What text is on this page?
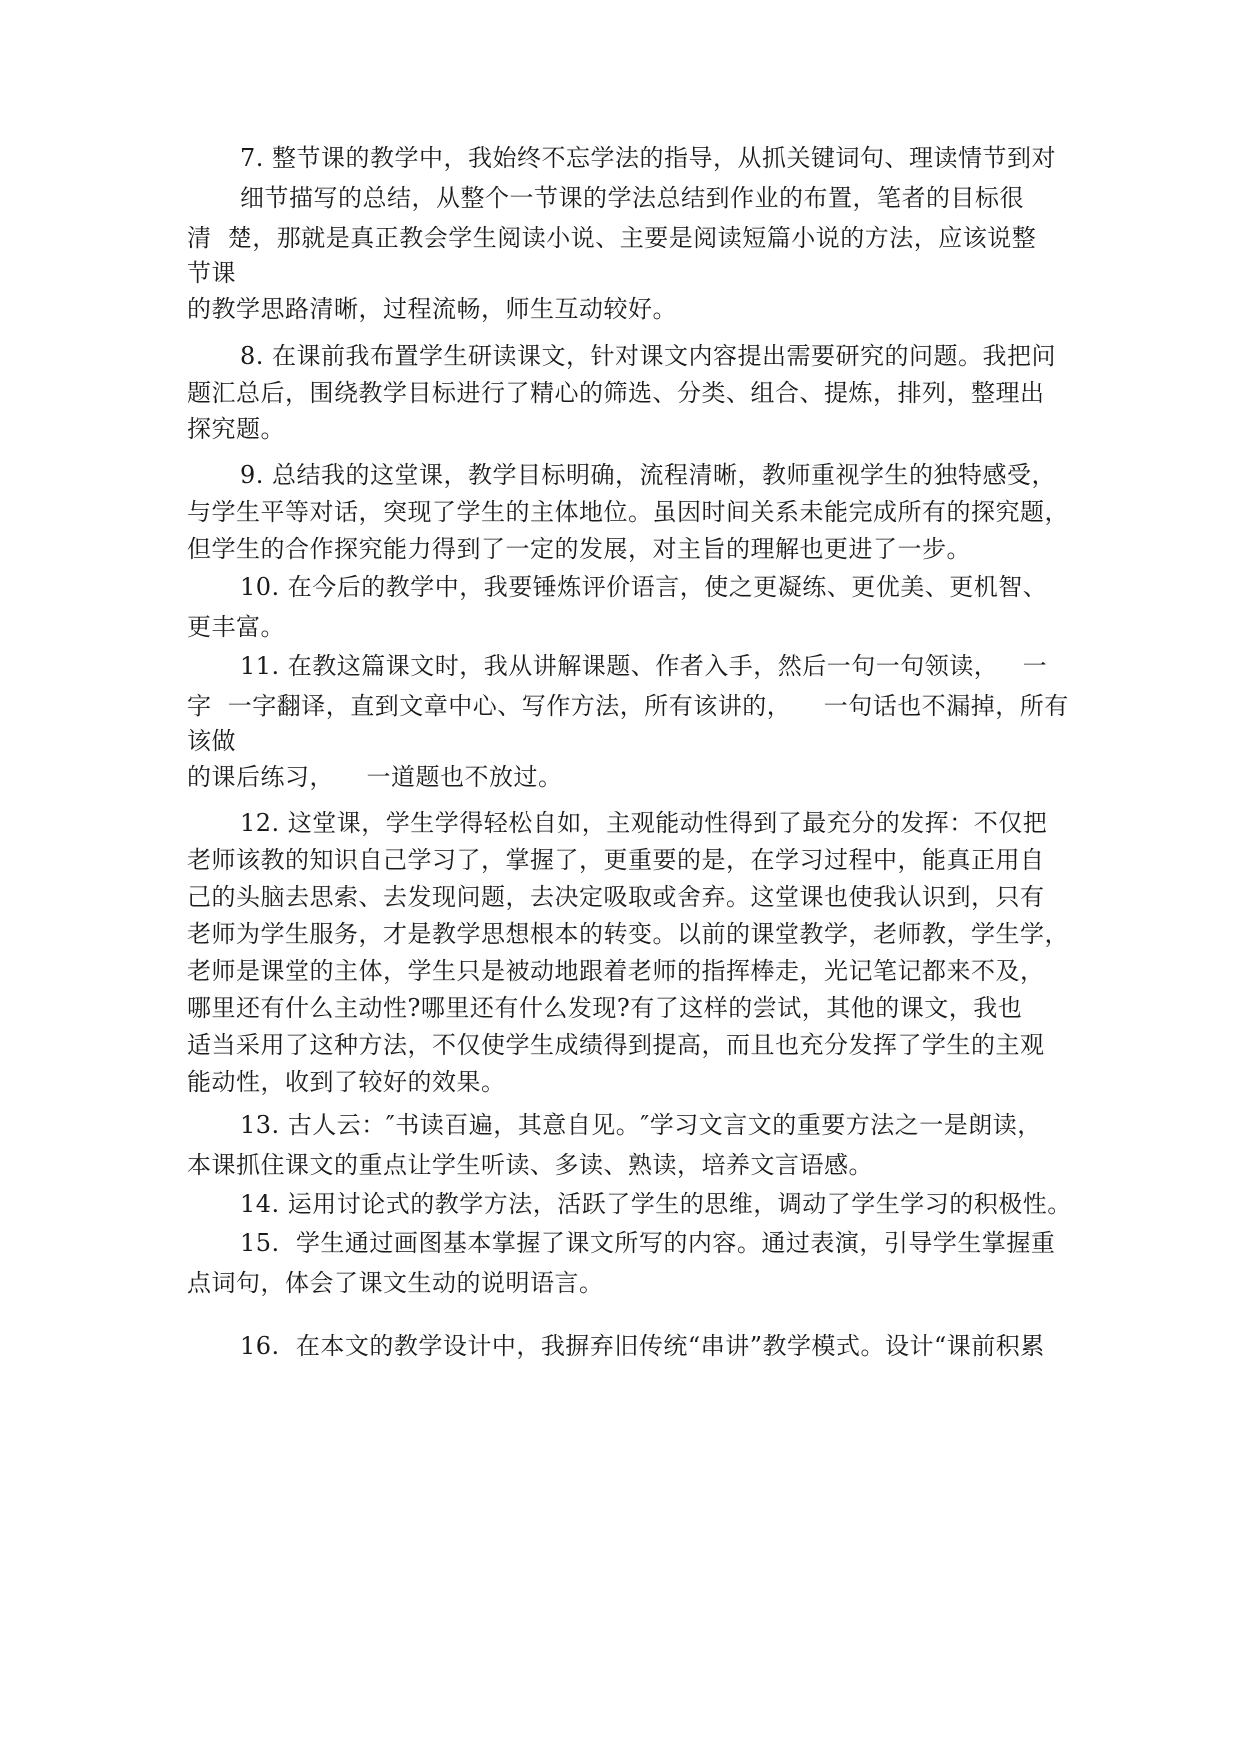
7. 整节课的教学中，我始终不忘学法的指导，从抓关键词句、理读情节到对
细节描写的总结，从整个一节课的学法总结到作业的布置，笔者的目标很
清  楚，那就是真正教会学生阅读小说、主要是阅读短篇小说的方法，应该说整
节课
的教学思路清晰，过程流畅，师生互动较好。
8. 在课前我布置学生研读课文，针对课文内容提出需要研究的问题。我把问
题汇总后，围绕教学目标进行了精心的筛选、分类、组合、提炼，排列，整理出
探究题。
9. 总结我的这堂课，教学目标明确，流程清晰，教师重视学生的独特感受，
与学生平等对话，突现了学生的主体地位。虽因时间关系未能完成所有的探究题，
但学生的合作探究能力得到了一定的发展，对主旨的理解也更进了一步。
10. 在今后的教学中，我要锤炼评价语言，使之更凝练、更优美、更机智、
更丰富。
11. 在教这篇课文时，我从讲解课题、作者入手，然后一句一句领读，   一
字  一字翻译，直到文章中心、写作方法，所有该讲的，    一句话也不漏掉，所有
该做
的课后练习，    一道题也不放过。
12. 这堂课，学生学得轻松自如，主观能动性得到了最充分的发挥：不仅把
老师该教的知识自己学习了，掌握了，更重要的是，在学习过程中，能真正用自
己的头脑去思索、去发现问题，去决定吸取或舍弃。这堂课也使我认识到，只有
老师为学生服务，才是教学思想根本的转变。以前的课堂教学，老师教，学生学，
老师是课堂的主体，学生只是被动地跟着老师的指挥棒走，光记笔记都来不及，
哪里还有什么主动性?哪里还有什么发现?有了这样的尝试，其他的课文，我也
适当采用了这种方法，不仅使学生成绩得到提高，而且也充分发挥了学生的主观
能动性，收到了较好的效果。
13. 古人云：″书读百遍，其意自见。″学习文言文的重要方法之一是朗读，
本课抓住课文的重点让学生听读、多读、熟读，培养文言语感。
14. 运用讨论式的教学方法，活跃了学生的思维，调动了学生学习的积极性。
15.  学生通过画图基本掌握了课文所写的内容。通过表演，引导学生掌握重
点词句，体会了课文生动的说明语言。
16.  在本文的教学设计中，我摒弃旧传统“串讲”教学模式。设计“课前积累
